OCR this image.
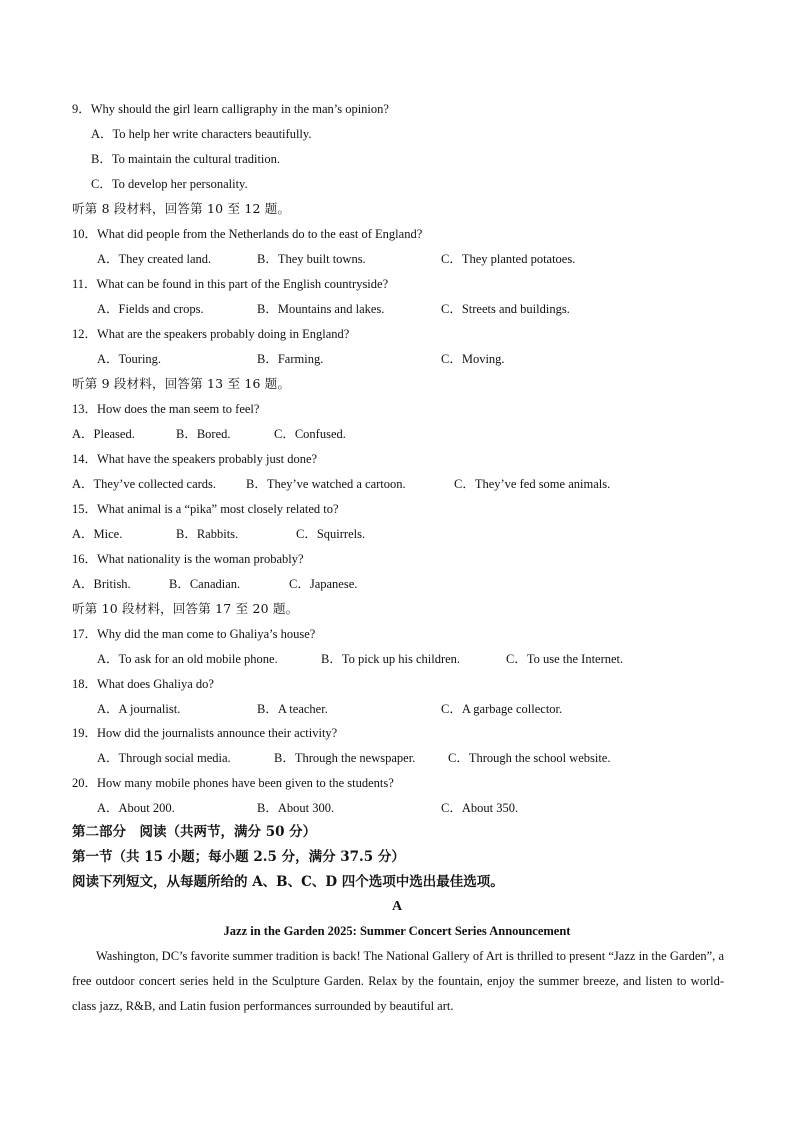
9．Why should the girl learn calligraphy in the man’s opinion?
A．To help her write characters beautifully.
B．To maintain the cultural tradition.
C．To develop her personality.
听第 8 段材料，回答第 10 至 12 题。
10．What did people from the Netherlands do to the east of England?
A．They created land.	B．They built towns.	C．They planted potatoes.
11．What can be found in this part of the English countryside?
A．Fields and crops.	B．Mountains and lakes.	C．Streets and buildings.
12．What are the speakers probably doing in England?
A．Touring.	B．Farming.	C．Moving.
听第 9 段材料，回答第 13 至 16 题。
13．How does the man seem to feel?
A．Pleased.	B．Bored.	C．Confused.
14．What have the speakers probably just done?
A．They’ve collected cards. B．They’ve watched a cartoon.	C．They’ve fed some animals.
15．What animal is a “pika” most closely related to?
A．Mice.	B．Rabbits.	C．Squirrels.
16．What nationality is the woman probably?
A．British.	B．Canadian.	C．Japanese.
听第 10 段材料，回答第 17 至 20 题。
17．Why did the man come to Ghaliya’s house?
A．To ask for an old mobile phone.	B．To pick up his children.	C．To use the Internet.
18．What does Ghaliya do?
A．A journalist.	B．A teacher.	C．A garbage collector.
19．How did the journalists announce their activity?
A．Through social media.	B．Through the newspaper.	C．Through the school website.
20．How many mobile phones have been given to the students?
A．About 200.	B．About 300.	C．About 350.
第二部分　阅读（共两节，满分 50 分）
第一节（共 15 小题；每小题 2.5 分，满分 37.5 分）
阅读下列短文，从每题所给的 A、B、C、D 四个选项中选出最佳选项。
A
Jazz in the Garden 2025: Summer Concert Series Announcement
Washington, DC’s favorite summer tradition is back! The National Gallery of Art is thrilled to present “Jazz in the Garden”, a free outdoor concert series held in the Sculpture Garden. Relax by the fountain, enjoy the summer breeze, and listen to world-class jazz, R&B, and Latin fusion performances surrounded by beautiful art.
